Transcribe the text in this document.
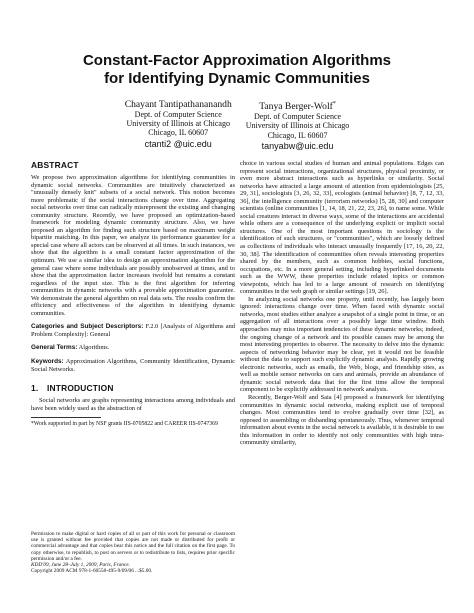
Constant-Factor Approximation Algorithms
for Identifying Dynamic Communities
Chayant Tantipathananandh
Dept. of Computer Science
University of Illinois at Chicago
Chicago, IL 60607
ctanti2 @uic.edu
Tanya Berger-Wolf*
Dept. of Computer Science
University of Illinois at Chicago
Chicago, IL 60607
tanyabw@uic.edu
ABSTRACT

We propose two approximation algorithms for identifying communities in dynamic social networks. Communities are intuitively characterized as "unusually densely knit" subsets of a social network. This notion becomes more problematic if the social interactions change over time. Aggregating social networks over time can radically misrepresent the existing and changing community structure. Recently, we have proposed an optimization-based framework for modeling dynamic community structure. Also, we have proposed an algorithm for finding such structure based on maximum weight bipartite matching. In this paper, we analyze its performance guarantee for a special case where all actors can be observed at all times. In such instances, we show that the algorithm is a small constant factor approximation of the optimum. We use a similar idea to design an approximation algorithm for the general case where some individuals are possibly unobserved at times, and to show that the approximation factor increases twofold but remains a constant regardless of the input size. This is the first algorithm for inferring communities in dynamic networks with a provable approximation guarantee. We demonstrate the general algorithm on real data sets. The results confirm the efficiency and effectiveness of the algorithm in identifying dynamic communities.

Categories and Subject Descriptors: F.2.0 [Analysis of Algorithms and Problem Complexity]: General

General Terms: Algorithms.

Keywords: Approximation Algorithms, Community Identification, Dynamic Social Networks.

1. INTRODUCTION

Social networks are graphs representing interactions among individuals and have been widely used as the abstraction of

*Work supported in part by NSF grants IIS-0705822 and CAREER IIS-0747369

Permission to make digital or hard copies of all or part of this work for personal or classroom use is granted without fee provided that copies are not made or distributed for profit or commercial advantage and that copies bear this notice and the full citation on the first page. To copy otherwise, to republish, to post on servers or to redistribute to lists, requires prior specific permission and/or a fee.
KDD'09, June 28–July 1, 2009, Paris, France.
Copyright 2009 ACM 978-1-60558-495-9/09/06 ...$5.00.

choice in various social studies of human and animal populations. Edges can represent social interactions, organizational structures, physical proximity, or even more abstract interactions such as hyperlinks or similarity. Social networks have attracted a large amount of attention from epidemiologists [25, 29, 31], sociologists [3, 26, 32, 33], ecologists (animal behavior) [8, 7, 12, 33, 36], the intelligence community (terrorism networks) [5, 28, 30] and computer scientists (online communities [1, 14, 18, 21, 22, 23, 26], to name some. While social creatures interact in diverse ways, some of the interactions are accidental while others are a consequence of the underlying explicit or implicit social structures. One of the most important questions in sociology is the identification of such structures, or "communities", which are loosely defined as collections of individuals who interact unusually frequently [17, 16, 20, 22, 30, 38]. The identification of communities often reveals interesting properties shared by the members, such as common hobbies, social functions, occupations, etc. In a more general setting, including hyperlinked documents such as the WWW, these properties include related topics or common viewpoints, which has led to a large amount of research on identifying communities in the web graph or similar settings [19, 26].

In analyzing social networks one property, until recently, has largely been ignored: interactions change over time. When faced with dynamic social networks, most studies either analyze a snapshot of a single point in time, or an aggregation of all interactions over a possibly large time window. Both approaches may miss important tendencies of these dynamic networks; indeed, the ongoing change of a network and its possible causes may be among the most interesting properties to observe. The necessity to delve into the dynamic aspects of networking behavior may be clear, yet it would not be feasible without the data to support such explicitly dynamic analysis. Rapidly growing electronic networks, such as emails, the Web, blogs, and friendship sites, as well as mobile sensor networks on cars and animals, provide an abundance of dynamic social network data that for the first time allow the temporal component to be explicitly addressed in network analysis.

Recently, Berger-Wolf and Saia [4] proposed a framework for identifying communities in dynamic social networks, making explicit use of temporal changes. Most communities tend to evolve gradually over time [32], as opposed to assembling or disbanding spontaneously. Thus, whenever temporal information about events in the social network is available, it is desirable to use this information in order to identify not only communities with high intra-community similarity,
